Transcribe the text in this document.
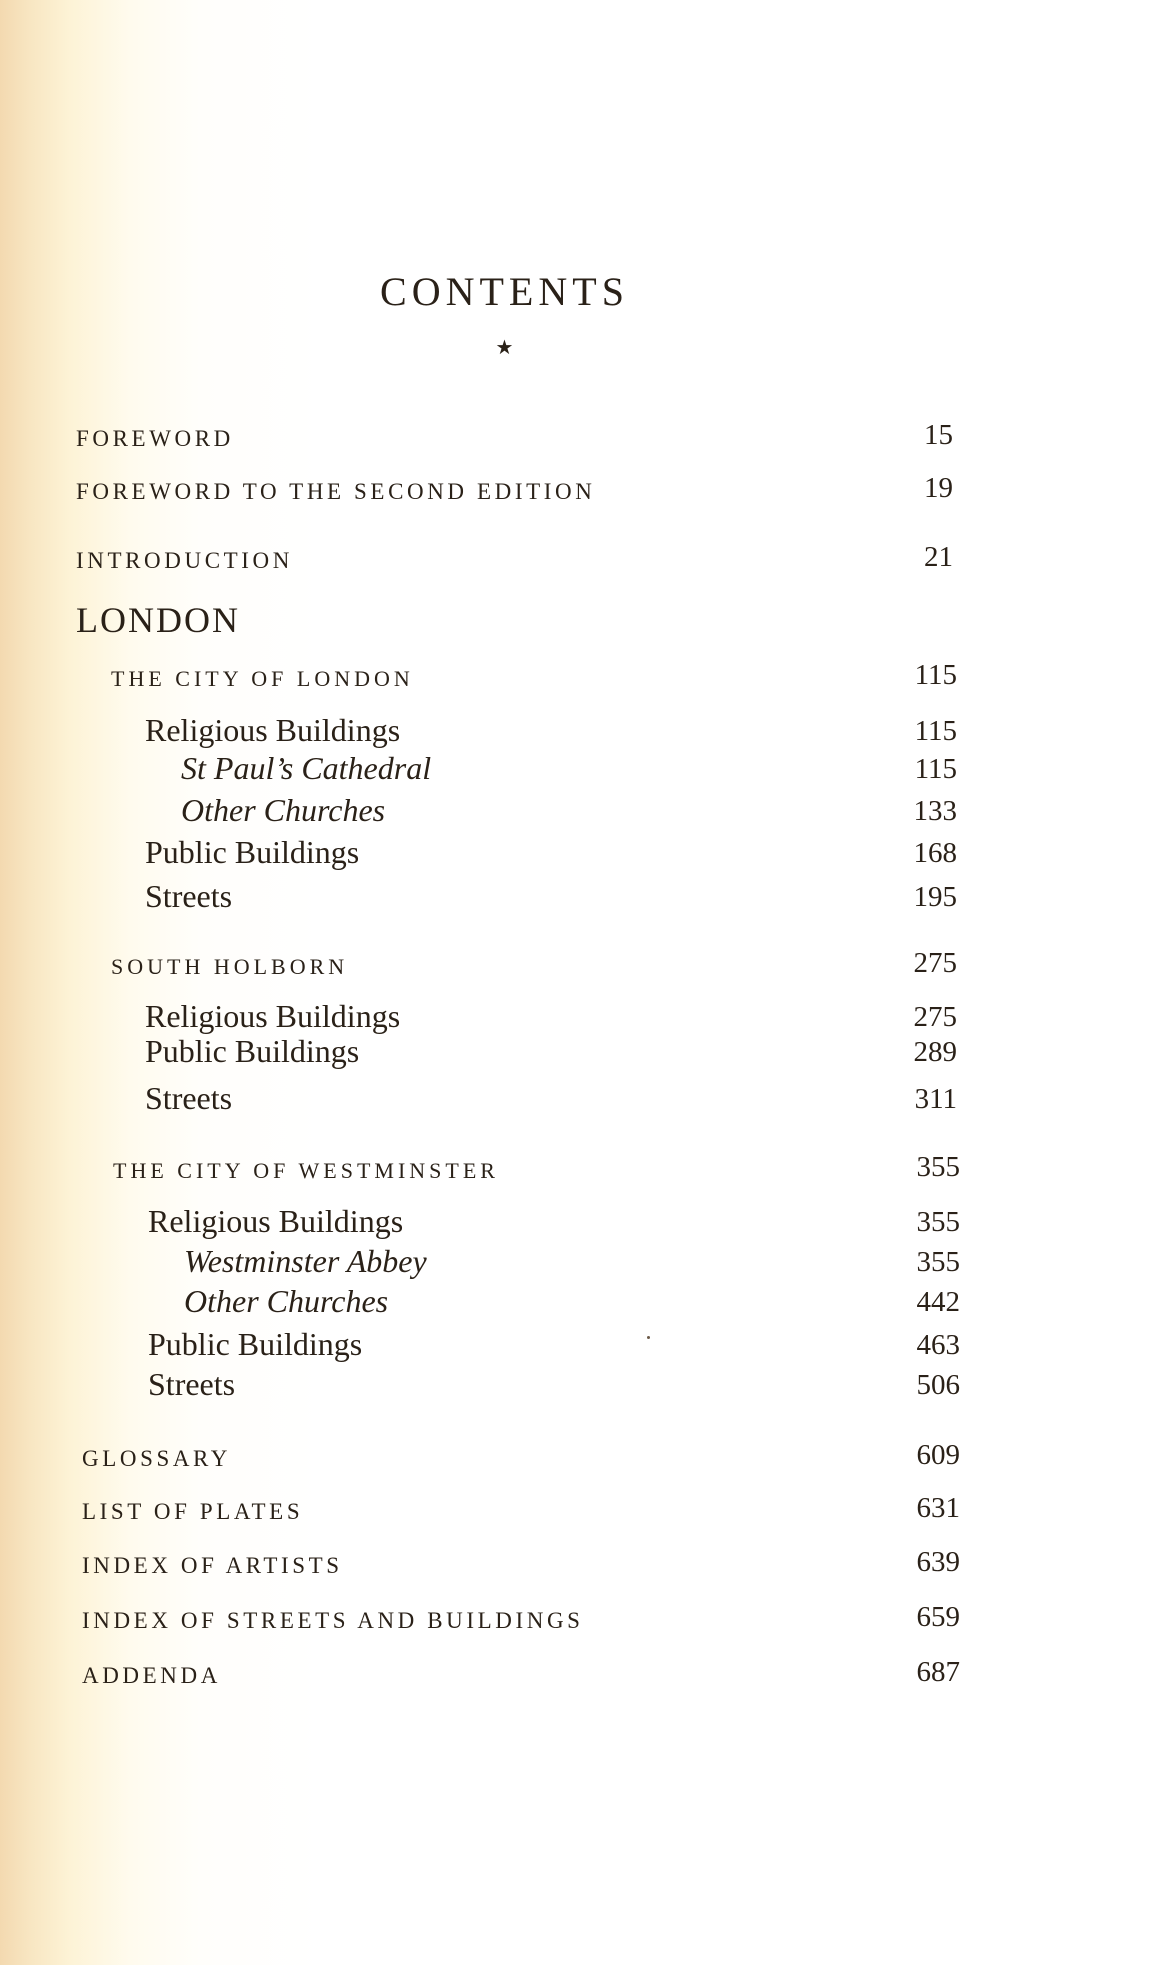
CONTENTS
★
FOREWORD	15
FOREWORD TO THE SECOND EDITION	19
INTRODUCTION	21
LONDON
THE CITY OF LONDON	115
Religious Buildings	115
St Paul’s Cathedral	115
Other Churches	133
Public Buildings	168
Streets	195
SOUTH HOLBORN	275
Religious Buildings	275
Public Buildings	289
Streets	311
THE CITY OF WESTMINSTER	355
Religious Buildings	355
Westminster Abbey	355
Other Churches	442
Public Buildings	463
Streets	506
GLOSSARY	609
LIST OF PLATES	631
INDEX OF ARTISTS	639
INDEX OF STREETS AND BUILDINGS	659
ADDENDA	687
